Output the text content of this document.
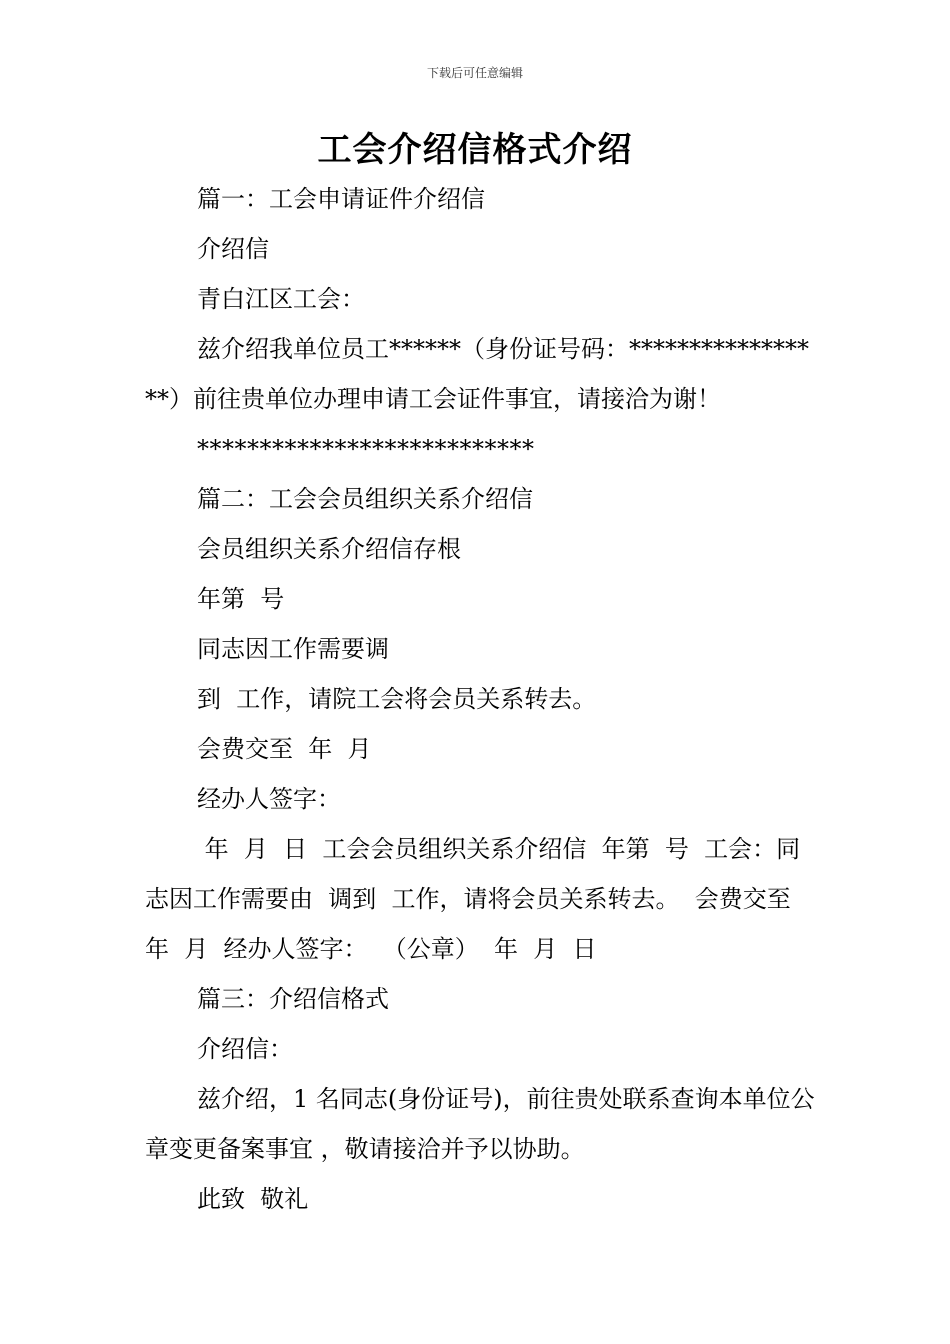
下载后可任意编辑
工会介绍信格式介绍

篇一：工会申请证件介绍信

介绍信

青白江区工会：

兹介绍我单位员工******（身份证号码：*****************）前往贵单位办理申请工会证件事宜，请接洽为谢！

***************************

篇二：工会会员组织关系介绍信

会员组织关系介绍信存根

年第  号

同志因工作需要调

到  工作，请院工会将会员关系转去。

会费交至  年  月

经办人签字：

年  月  日  工会会员组织关系介绍信  年第  号  工会：同志因工作需要由  调到  工作，请将会员关系转去。  会费交至  年  月  经办人签字：  （公章）  年  月  日

篇三：介绍信格式

介绍信：

兹介绍，1 名同志(身份证号)，前往贵处联系查询本单位公章变更备案事宜 ，敬请接洽并予以协助。

此致  敬礼
